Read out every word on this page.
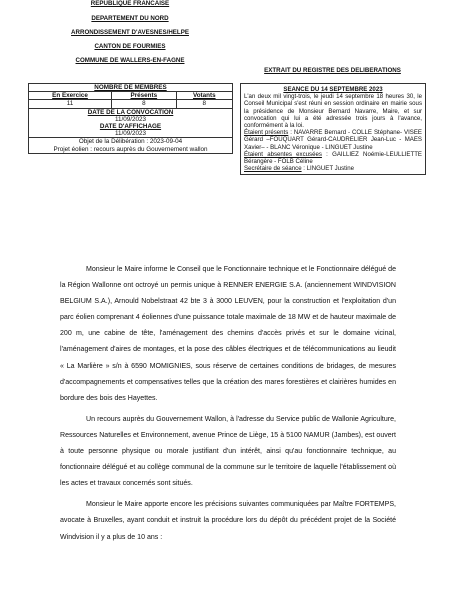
REPUBLIQUE FRANCAISE
DEPARTEMENT DU NORD
ARRONDISSEMENT D'AVESNES/HELPE
CANTON DE FOURMIES
COMMUNE DE WALLERS-EN-FAGNE
EXTRAIT DU REGISTRE DES DELIBERATIONS
NOMBRE DE MEMBRES		
En Exercice	Présents	Votants
11	8	8

DATE DE LA CONVOCATION
11/09/2023
DATE D'AFFICHAGE
11/09/2023		

Objet de la Délibération : 2023-09-04
Projet éolien : recours auprès du Gouvernement wallon		
SEANCE DU 14 SEPTEMBRE 2023

L'an deux mil vingt-trois, le jeudi 14 septembre 18 heures 30, le Conseil Municipal s'est réuni en session ordinaire en mairie sous la présidence de Monsieur Bernard Navarre, Maire, et sur convocation qui lui a été adressée trois jours à l'avance, conformément à la loi.

Étaient présents : NAVARRE Bernard - COLLE Stéphane- VISEE Gérard –FOUQUART Gérard-CAUDRELIER Jean-Luc - MAES Xavier– - BLANC Véronique - LINGUET Justine

Étaient absentes excusées : GAILLIEZ Noémie-LEULLIETTE Bérangère - FOLB Céline

Secrétaire de séance : LINGUET Justine

Monsieur le Maire informe le Conseil que le Fonctionnaire technique et le Fonctionnaire délégué de la Région Wallonne ont octroyé un permis unique à RENNER ENERGIE S.A. (anciennement WINDVISION BELGIUM S.A.), Arnould Nobelstraat 42 bte 3 à 3000 LEUVEN, pour la construction et l'exploitation d'un parc éolien comprenant 4 éoliennes d'une puissance totale maximale de 18 MW et de hauteur maximale de 200 m, une cabine de tête, l'aménagement des chemins d'accès privés et sur le domaine vicinal, l'aménagement d'aires de montages, et la pose des câbles électriques et de télécommunications au lieudit « La Marlière » s/n à 6590 MOMIGNIES, sous réserve de certaines conditions de bridages, de mesures d'accompagnements et compensatives telles que la création des mares forestières et clairières humides en bordure des bois des Hayettes.

Un recours auprès du Gouvernement Wallon, à l'adresse du Service public de Wallonie Agriculture, Ressources Naturelles et Environnement, avenue Prince de Liège, 15 à 5100 NAMUR (Jambes), est ouvert à toute personne physique ou morale justifiant d'un intérêt, ainsi qu'au fonctionnaire technique, au fonctionnaire délégué et au collège communal de la commune sur le territoire de laquelle l'établissement où les actes et travaux concernés sont situés.

Monsieur le Maire apporte encore les précisions suivantes communiquées par Maître FORTEMPS, avocate à Bruxelles, ayant conduit et instruit la procédure lors du dépôt du précédent projet de la Société Windvision il y a plus de 10 ans :
